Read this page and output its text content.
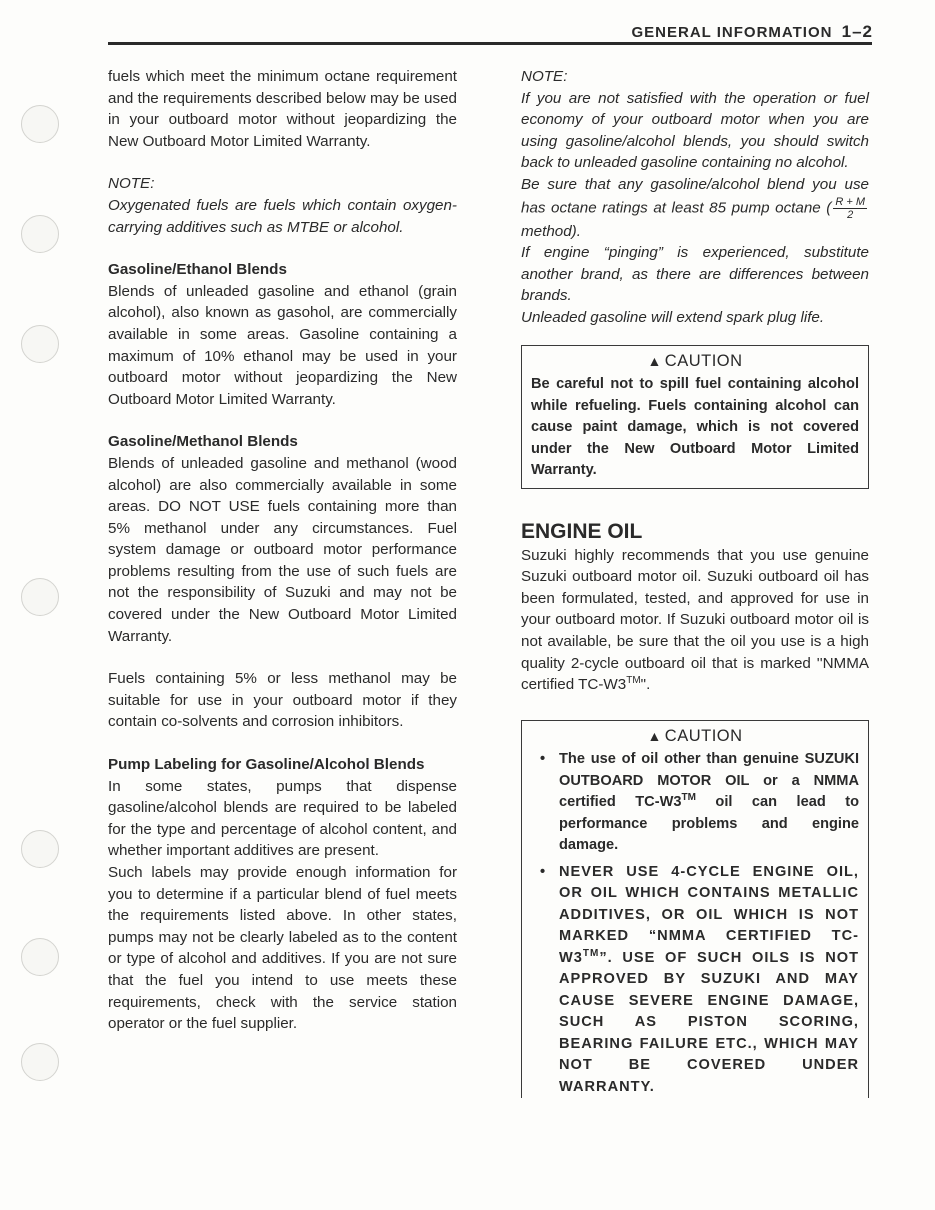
GENERAL INFORMATION 1–2

fuels which meet the minimum octane requirement and the requirements described below may be used in your outboard motor without jeopardizing the New Outboard Motor Limited Warranty.

NOTE:

Oxygenated fuels are fuels which contain oxygen-carrying additives such as MTBE or alcohol.

Gasoline/Ethanol Blends

Blends of unleaded gasoline and ethanol (grain alcohol), also known as gasohol, are commercially available in some areas. Gasoline containing a maximum of 10% ethanol may be used in your outboard motor without jeopardizing the New Outboard Motor Limited Warranty.

Gasoline/Methanol Blends

Blends of unleaded gasoline and methanol (wood alcohol) are also commercially available in some areas. DO NOT USE fuels containing more than 5% methanol under any circumstances. Fuel system damage or outboard motor performance problems resulting from the use of such fuels are not the responsibility of Suzuki and may not be covered under the New Outboard Motor Limited Warranty.

Fuels containing 5% or less methanol may be suitable for use in your outboard motor if they contain co-solvents and corrosion inhibitors.

Pump Labeling for Gasoline/Alcohol Blends

In some states, pumps that dispense gasoline/alcohol blends are required to be labeled for the type and percentage of alcohol content, and whether important additives are present.

Such labels may provide enough information for you to determine if a particular blend of fuel meets the requirements listed above. In other states, pumps may not be clearly labeled as to the content or type of alcohol and additives. If you are not sure that the fuel you intend to use meets these requirements, check with the service station operator or the fuel supplier.

NOTE:

If you are not satisfied with the operation or fuel economy of your outboard motor when you are using gasoline/alcohol blends, you should switch back to unleaded gasoline containing no alcohol.

Be sure that any gasoline/alcohol blend you use has octane ratings at least 85 pump octane ( $\frac{R + M}{2}$
method).

If engine “pinging” is experienced, substitute another brand, as there are differences between brands.

Unleaded gasoline will extend spark plug life.

▲ CAUTION

Be careful not to spill fuel containing alcohol while refueling. Fuels containing alcohol can cause paint damage, which is not covered under the New Outboard Motor Limited Warranty.

ENGINE OIL

Suzuki highly recommends that you use genuine Suzuki outboard motor oil. Suzuki outboard oil has been formulated, tested, and approved for use in your outboard motor. If Suzuki outboard motor oil is not available, be sure that the oil you use is a high quality 2-cycle outboard oil that is marked ''NMMA certified TC-W3™".

▲ CAUTION
• The use of oil other than genuine SUZUKI OUTBOARD MOTOR OIL or a NMMA certified TC-W3™ oil can lead to performance problems and engine damage.
• NEVER USE 4-CYCLE ENGINE OIL, OR OIL WHICH CONTAINS METALLIC ADDITIVES, OR OIL WHICH IS NOT MARKED “NMMA CERTIFIED TC-W3™”. USE OF SUCH OILS IS NOT APPROVED BY SUZUKI AND MAY CAUSE SEVERE ENGINE DAMAGE, SUCH AS PISTON SCORING, BEARING FAILURE ETC., WHICH MAY NOT BE COVERED UNDER WARRANTY.
